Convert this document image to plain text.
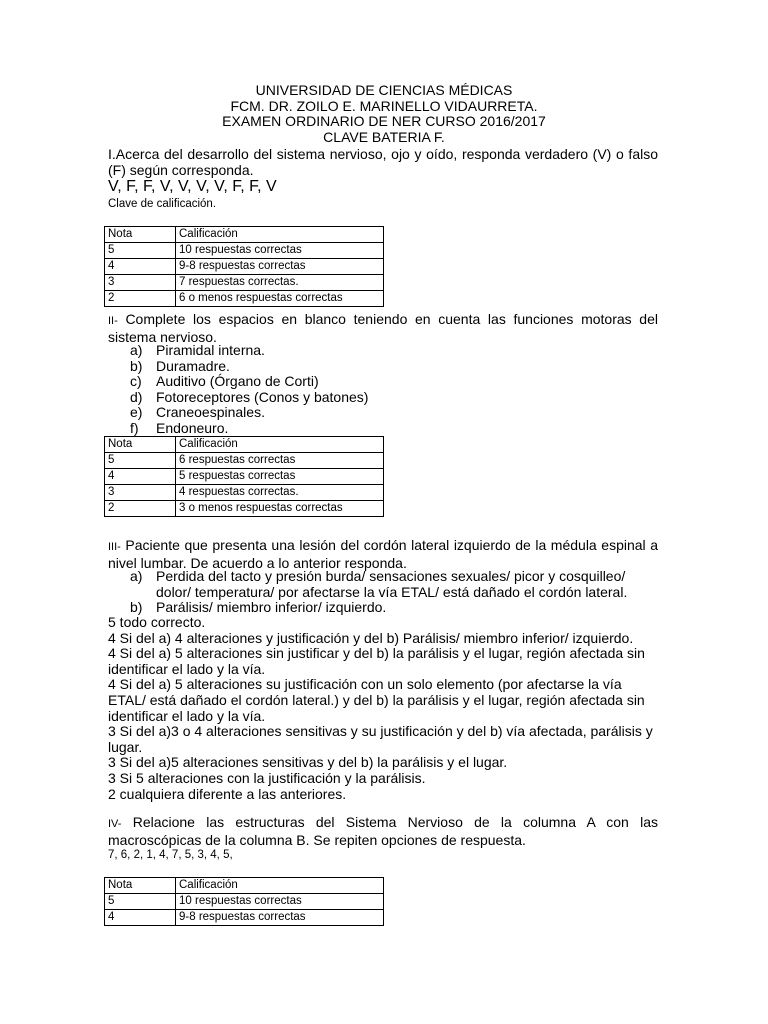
UNIVERSIDAD DE CIENCIAS MÉDICAS
FCM. DR. ZOILO E. MARINELLO VIDAURRETA.
EXAMEN ORDINARIO DE NER CURSO 2016/2017
CLAVE BATERIA F.
I.Acerca del desarrollo del sistema nervioso, ojo y oído, responda verdadero (V) o falso (F) según corresponda.
V, F, F, V, V, V, V, F, F, V
Clave de calificación.
Nota	Calificación
5	10 respuestas correctas
4	9-8 respuestas correctas
3	7 respuestas correctas.
2	6 o menos respuestas correctas
II- Complete los espacios en blanco teniendo en cuenta las funciones motoras del sistema nervioso.
a) Piramidal interna.
b) Duramadre.
c) Auditivo (Órgano de Corti)
d) Fotoreceptores (Conos y batones)
e) Craneoespinales.
f) Endoneuro.
Nota	Calificación
5	6 respuestas correctas
4	5 respuestas correctas
3	4 respuestas correctas.
2	3 o menos respuestas correctas
III- Paciente que presenta una lesión del cordón lateral izquierdo de la médula espinal a nivel lumbar. De acuerdo a lo anterior responda.
a) Perdida del tacto y presión burda/ sensaciones sexuales/ picor y cosquilleo/ dolor/ temperatura/ por afectarse la vía ETAL/ está dañado el cordón lateral.
b) Parálisis/ miembro inferior/ izquierdo.
5 todo correcto.
4 Si del a) 4 alteraciones y justificación y del b) Parálisis/ miembro inferior/ izquierdo.
4 Si del a) 5 alteraciones sin justificar y del b) la parálisis y el lugar, región afectada sin identificar el lado y la vía.
4 Si del a) 5 alteraciones su justificación con un solo elemento (por afectarse la vía ETAL/ está dañado el cordón lateral.) y del b) la parálisis y el lugar, región afectada sin identificar el lado y la vía.
3 Si del a)3 o 4 alteraciones sensitivas y su justificación y del b) vía afectada, parálisis y lugar.
3 Si del a)5 alteraciones sensitivas y del b) la parálisis y el lugar.
3 Si 5 alteraciones con la justificación y la parálisis.
2 cualquiera diferente a las anteriores.
IV- Relacione las estructuras del Sistema Nervioso de la columna A con las macroscópicas de la columna B. Se repiten opciones de respuesta.
7, 6, 2, 1, 4, 7, 5, 3, 4, 5,
Nota	Calificación
5	10 respuestas correctas
4	9-8 respuestas correctas
